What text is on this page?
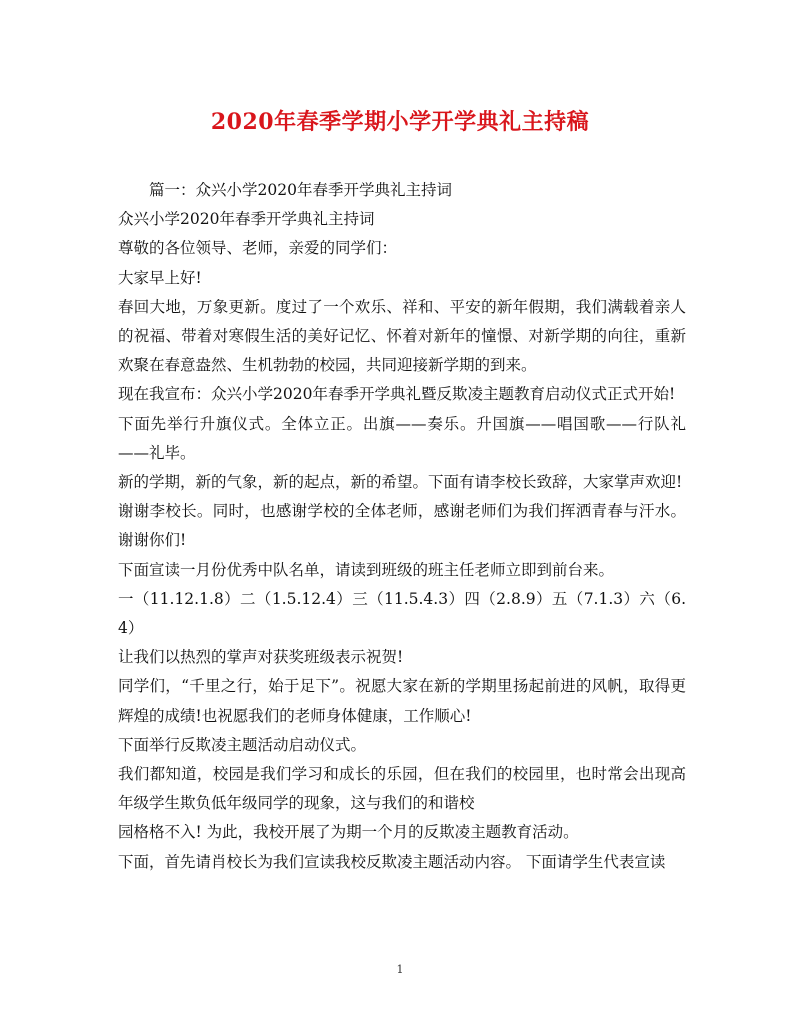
2020年春季学期小学开学典礼主持稿

篇一：众兴小学2020年春季开学典礼主持词

众兴小学2020年春季开学典礼主持词

尊敬的各位领导、老师，亲爱的同学们：

大家早上好!

春回大地，万象更新。度过了一个欢乐、祥和、平安的新年假期，我们满载着亲人的祝福、带着对寒假生活的美好记忆、怀着对新年的憧憬、对新学期的向往，重新欢聚在春意盎然、生机勃勃的校园，共同迎接新学期的到来。

现在我宣布：众兴小学2020年春季开学典礼暨反欺凌主题教育启动仪式正式开始!

下面先举行升旗仪式。全体立正。出旗——奏乐。升国旗——唱国歌——行队礼——礼毕。

新的学期，新的气象，新的起点，新的希望。下面有请李校长致辞，大家掌声欢迎!

谢谢李校长。同时，也感谢学校的全体老师，感谢老师们为我们挥洒青春与汗水。谢谢你们!

下面宣读一月份优秀中队名单，请读到班级的班主任老师立即到前台来。

一（11.12.1.8）二（1.5.12.4）三（11.5.4.3）四（2.8.9）五（7.1.3）六（6.4）

让我们以热烈的掌声对获奖班级表示祝贺!

同学们，“千里之行，始于足下”。祝愿大家在新的学期里扬起前进的风帆，取得更辉煌的成绩!也祝愿我们的老师身体健康，工作顺心!

下面举行反欺凌主题活动启动仪式。

我们都知道，校园是我们学习和成长的乐园，但在我们的校园里，也时常会出现高年级学生欺负低年级同学的现象，这与我们的和谐校

园格格不入! 为此，我校开展了为期一个月的反欺凌主题教育活动。

下面，首先请肖校长为我们宣读我校反欺凌主题活动内容。 下面请学生代表宣读

1
